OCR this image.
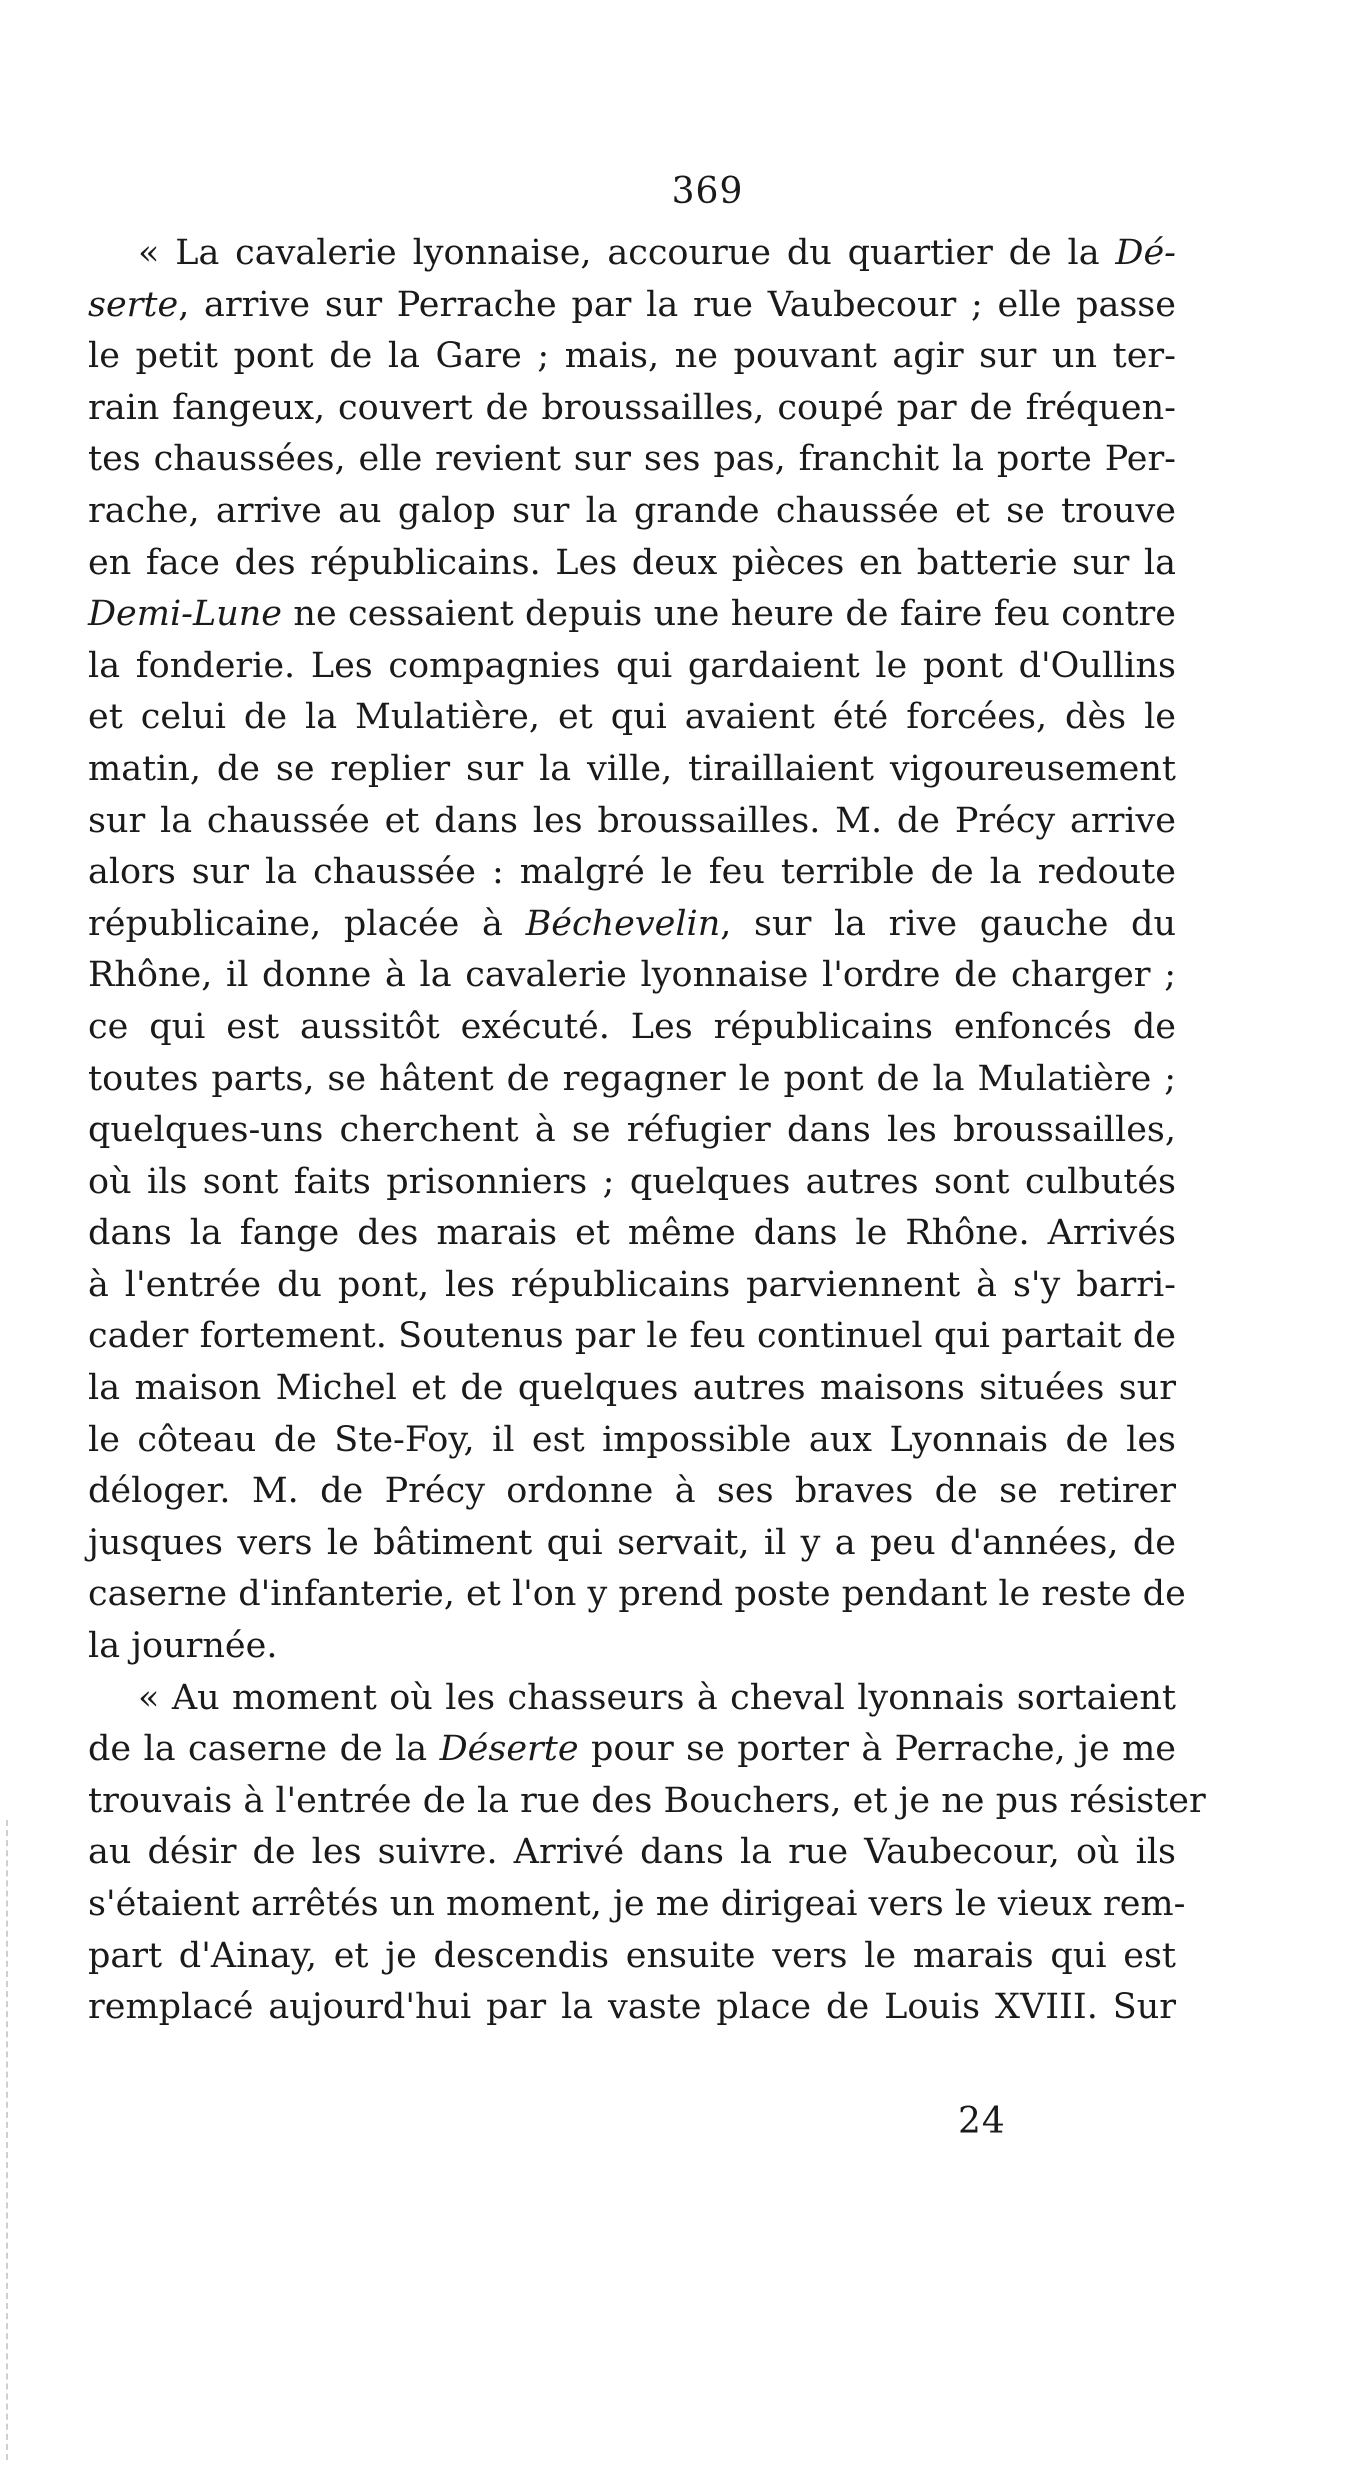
369
« La cavalerie lyonnaise, accourue du quartier de la Dé-
serte, arrive sur Perrache par la rue Vaubecour ; elle passe
le petit pont de la Gare ; mais, ne pouvant agir sur un ter-
rain fangeux, couvert de broussailles, coupé par de fréquen-
tes chaussées, elle revient sur ses pas, franchit la porte Per-
rache, arrive au galop sur la grande chaussée et se trouve
en face des républicains. Les deux pièces en batterie sur la
Demi-Lune ne cessaient depuis une heure de faire feu contre
la fonderie. Les compagnies qui gardaient le pont d'Oullins
et celui de la Mulatière, et qui avaient été forcées, dès le
matin, de se replier sur la ville, tiraillaient vigoureusement
sur la chaussée et dans les broussailles. M. de Précy arrive
alors sur la chaussée : malgré le feu terrible de la redoute
républicaine, placée à Béchevelin, sur la rive gauche du
Rhône, il donne à la cavalerie lyonnaise l'ordre de charger ;
ce qui est aussitôt exécuté. Les républicains enfoncés de
toutes parts, se hâtent de regagner le pont de la Mulatière ;
quelques-uns cherchent à se réfugier dans les broussailles,
où ils sont faits prisonniers ; quelques autres sont culbutés
dans la fange des marais et même dans le Rhône. Arrivés
à l'entrée du pont, les républicains parviennent à s'y barri-
cader fortement. Soutenus par le feu continuel qui partait de
la maison Michel et de quelques autres maisons situées sur
le côteau de Ste-Foy, il est impossible aux Lyonnais de les
déloger. M. de Précy ordonne à ses braves de se retirer
jusques vers le bâtiment qui servait, il y a peu d'années, de
caserne d'infanterie, et l'on y prend poste pendant le reste de
la journée.
« Au moment où les chasseurs à cheval lyonnais sortaient
de la caserne de la Déserte pour se porter à Perrache, je me
trouvais à l'entrée de la rue des Bouchers, et je ne pus résister
au désir de les suivre. Arrivé dans la rue Vaubecour, où ils
s'étaient arrêtés un moment, je me dirigeai vers le vieux rem-
part d'Ainay, et je descendis ensuite vers le marais qui est
remplacé aujourd'hui par la vaste place de Louis XVIII. Sur
24
